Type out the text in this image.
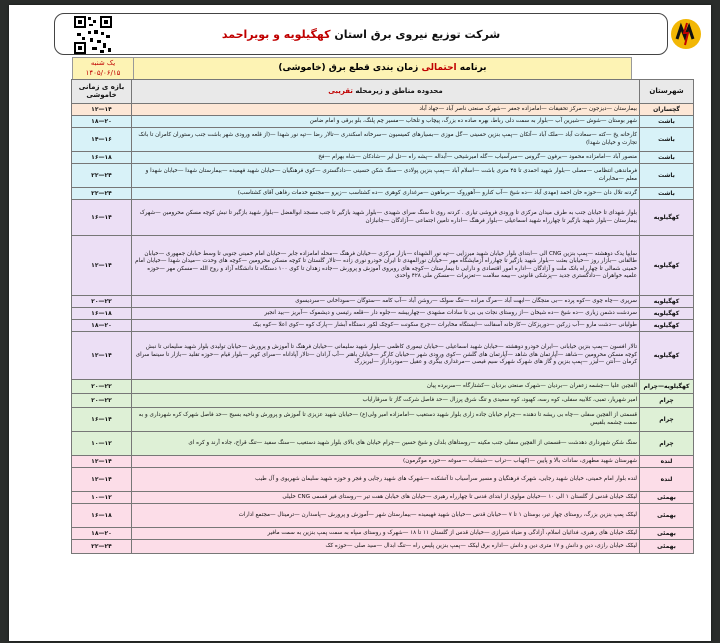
شرکت توزیع نیروی برق استان

کهگیلویه و بویراحمد
یک شنبه
۱۴۰۵/۰۶/۱۵	برنامه احتمالی زمان بندی قطع برق (خاموشی)
شهرستان	محدوده مناطق و زیرمحله تقریبی	بازه ی زمانی خاموشی
گچساران	بیمارستان —دیزجون —مرکز تحقیقات —امامزاده جعفر —شهرک صنعتی ناصر آباد —جهاد آباد	۱۲—۱۴
باشت	شهر بوستان —شوش —شیرین آب —بلوار به سمت دلی رباط، بهره صاده ده بزرگ، پیچاب و تلخاب —مسیر چم پلنگ، بلو برقی و امام ضامن	۱۸—۲۰
باشت	کارخانه یخ —کته —سعادت آباد —ملک آباد —آتکان —پمپ بنزین حسینی —گل موزی —بسیارهای کمیسیون —سرخانه اسکندری —تالار رضا —تپه نور شهدا —(از قلعه ورودی شهر باشت جنب رستوران کامران تا بانک تجارت و خیابان شهدا)	۱۴—۱۶
باشت	منصور آباد —امامزاده محمود —برفون —گروس —سرآسیاب —گله امیرشیخی —آبداله —پشه راه —تل ایر —شادکان —شاه بهرام —فخ	۱۶—۱۸
باشت	فرماندهی انتظامی —مصلی —بلوار شهید احمدی تا ۴۵ متری باشت —اسلام آباد —پمپ بنزین پولادی —سنگ شکن حسینی —دادگستری —کوی فرهنگیان —خیابان شهید فهمیده —بیمارستان شهدا —خیابان شهدا و معلم —مخابرات	۲۲—۲۴
باشت	گردنه تلال دان —حوزه خان احمد (مهدی آباد —ده شیخ —آب کنارو —آهوروک —برماهون —مرغداری کوهری —ده کشتاسب —زیرو —مجتمع خدمات رفاهی آقای کشتاسب)	۲۲—۲۴
کهگیلویه	بلوار شهدای تا خیابان جنب به طرف میدان مرکزی تا ورودی فروشی تیاری . کردنه روی تا سنگ سرای شهیدی —بلوار شهید بازگیر تا جنب مسجد ابوالفضل —بلوار شهید بازگیر تا نبش کوچه مسکن محرومین —شهرک بیمارستان —بلوار شهید بازگیر تا چهارراه شهید اسماعیلی —بلوار فرهنگ —اداره تامین اجتماعی —آزادگان —جانبازان	۱۶—۱۴
کهگیلویه	سایپا یدک دوهشته —پمپ بنزین CNG الی —ابتدای بلوار خیابان شهید میرزایی —تپه نور الشهداء —بازار مرکزی —خیابان فرهنگ —محله امامزاده جابر —خیابان امام خمینی جنوبی تا وسط خیابان جمهوری —خیابان طالقانی —بازار روز —خیابان بعثت —بلوار شهید بازگیر تا چهارراه آزمایشگاه مهر —خیابان نورالمهدی تا ایران خودرو نوری زاده —تالار گلستان تا کوچه مسکن محرومین —کوچه های وحدت —میدان شهدا —خیابان امام خمینی شمالی تا چهارراه بانک ملت و آزادگان —اداره امور اقتصادی و دارایی تا بیمارستان —کوچه های روبروی آموزش و پرورش —جاده زهدان تا کوی ۱۰۰ دستگاه تا دانشگاه آزاد و روح الله —مسکن مهر —حوزه علمیه خواهران —دادگستری جدید —پزشکی قانونی —بیمه سلامت —تعزیرات —مسکن ملی ۴۲۸ واحدی	۱۲—۱۴
کهگیلویه	سرپری —چاه چوی —کوه پرده —بی منجگان —ابهت آباد —مرگ مراده —تنگ سولک —روشن آباد —آب کامه —ستوگان —سوداخانی —سردیسوی	۲۰—۲۲
کهگیلویه	سردشت دشمن زیاری —ده شیخ —ده شیخان —از روستای نجات بی بی تا سادات مشهدی —چهاربیشه —جلوه دار —قلعه رئیسی و دیشموک —آبریز —بید انجیر	۱۶—۱۸
کهگیلویه	طولیانی —دشت مارو —آب زرکین —دوریزکان —کارخانه آسفالت —ایستگاه مخابرات —جرج سکونت —کوچک لکور دستگاه آبشار —پارک کوه —کوی اعلا —کوه بیک	۱۸—۲۰
کهگیلویه	تالار افسون —پمپ بنزین خیابانی —ایران خودرو دوهشته —خیابان شهید اسماعیلی —خیابان تیموری کاظمی —بلوار شهید سلیمانی —خیابان فرهنگ تا آموزش و پرورش —خیابان تولیدی بلوار شهید سلیمانی تا نبش کوچه مسکن محرومین —شاهد —آپارتمان های شاهد —آپارتمان های گلشن —کوی ورودی شهر —خیابان کارگر —خیابان باهنر —آب آرادان —تالار آپاداناه —سرای کویر —بلوار قیام —حوزه تقلید —بازار تا سینما سرای کرمان —آنتن —لیزر —پمپ بنزین و گاز های شهرک شهرک سیم فیصی —مرغداری بیگری و عقیل —مودرداراز —لیربزرگ	۱۲—۱۴
کهگیلویه—چرام	القچین علیا —چشمه زعفران —بردیان —شهرک صنعتی بردیان —کشتارگاه —سربرده پیان	۲۰—۲۲
چرام	امیر شهریار، تمبی، کلابیه سفلی، کوه رسه، کهبود، کوه سعیدی و تنگ شرق پرزال —حد فاصل شرکت گاز تا سرقارایاب	۲۰—۲۲
چرام	قسمتی از القچین سفلی —چاه بی ریشه تا دهنده —چرام خیابان جاده زاری بلوار شهید دستغیب —امامزاده امیر ولی(ع) —خیابان شهید عزیزی تا آموزش و پرورش و ناحیه بسیج —حد فاصل شهرک کره شهرداری و به سمت چشمه بلقیس	۱۶—۱۴
چرام	سنگ شکن شهرداری دهدشت —قسمتی از القچین سفلی جنب مکینه —روستاهای بلدان و شیخ حسین —چرام خیابان های بالای بلوار شهید دستغیب —سنگ سفید —تنگ قراح، جاده آرند و کره ای	۱۰—۱۲
لنده	شهرستان شهید مطهری، سادات بالا و پایین —(کهباب —تراب —شیشاب —سوغه —حوزه موگرمون)	۱۲—۱۴
لنده	لنده بلوار امام خمینی، خیابان شهید رجایی، شهرک فرهنگیان و مسیر سرآسیاب تا آتشکده —شهرک های شهید رجایی و فجر و حوزه شهید سلیمان شهریوی و آل طیب	۱۲—۱۴
بهمئی	لیکک خیابان قدس از گلستان ۱ الی ۱۰ —خیابان مولوی از ابتدای فدس تا چهارراه رهبری —خیابان های خیابان هفت تیر —روستای فیر قسمی CNG خلیلی	۱۰—۱۲
بهمئی	لیکک پمپ بنزین بزرگ، روستای چهار تیر، بوستان ۱ تا ۷ —خیابان قدس —خیابان شهید فهیمیده —بیمارستان شهر —آموزش و پرورش —پاسدارن —ترمینال —مجتمع ادارات	۱۶—۱۸
بهمئی	لیکک خیابان های رهبری، فدائیان اسلام، آزادگی و ضیاء شیرازی —خیابان قدس از گلستان ۱۱ تا ۱۸ —شهرک و روستای سپاه به سمت پمپ بنزین به سمت مافیر	۱۸—۲۰
بهمئی	لیکک خیابان رازی، دین و دانش و ۱۷ متری دین و دانش —اداره برق لیکک —پمپ بنزین پلیس راه —تنگ ابدال —سید صلی —حوزه کک	۲۲—۲۴
